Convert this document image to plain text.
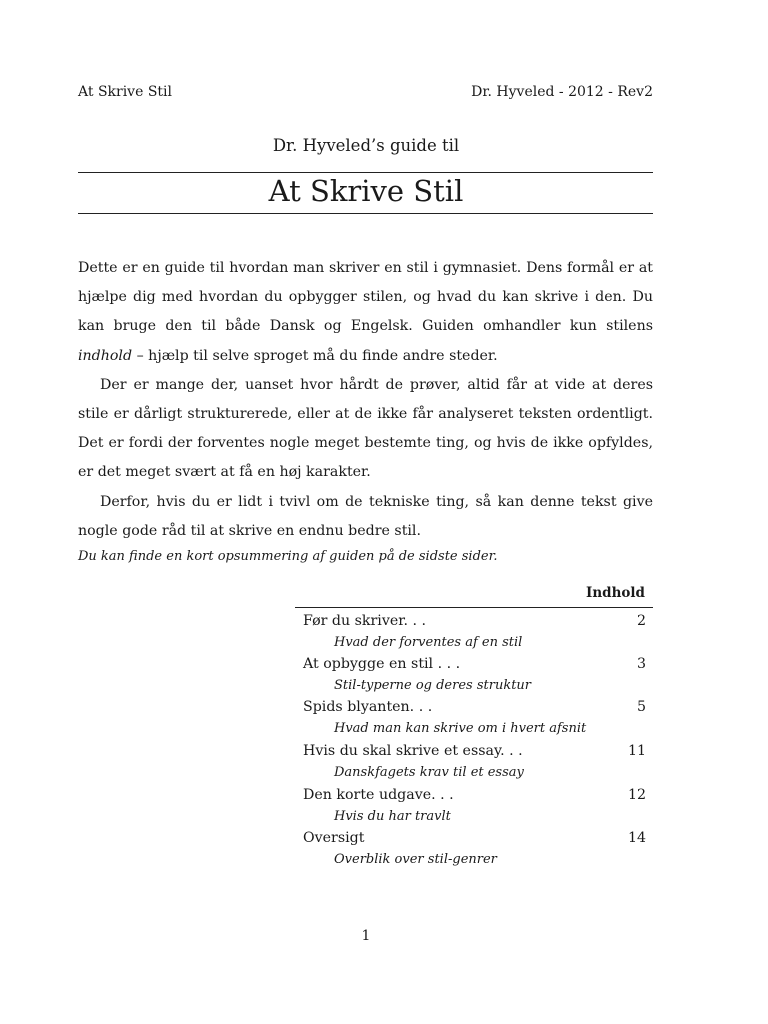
At Skrive Stil	Dr. Hyveled - 2012 - Rev2
Dr. Hyveled’s guide til
At Skrive Stil

Dette er en guide til hvordan man skriver en stil i gymnasiet. Dens formål er at hjælpe dig med hvordan du opbygger stilen, og hvad du kan skrive i den. Du kan bruge den til både Dansk og Engelsk. Guiden omhandler kun stilens indhold – hjælp til selve sproget må du finde andre steder.

Der er mange der, uanset hvor hårdt de prøver, altid får at vide at deres stile er dårligt strukturerede, eller at de ikke får analyseret teksten ordentligt. Det er fordi der forventes nogle meget bestemte ting, og hvis de ikke opfyldes, er det meget svært at få en høj karakter.

Derfor, hvis du er lidt i tvivl om de tekniske ting, så kan denne tekst give nogle gode råd til at skrive en endnu bedre stil.

Du kan finde en kort opsummering af guiden på de sidste sider.
Indhold
Før du skriver. . .	2
Hvad der forventes af en stil
At opbygge en stil . . .	3
Stil-typerne og deres struktur
Spids blyanten. . .	5
Hvad man kan skrive om i hvert afsnit
Hvis du skal skrive et essay. . .	11
Danskfagets krav til et essay
Den korte udgave. . .	12
Hvis du har travlt
Oversigt	14
Overblik over stil-genrer
1
